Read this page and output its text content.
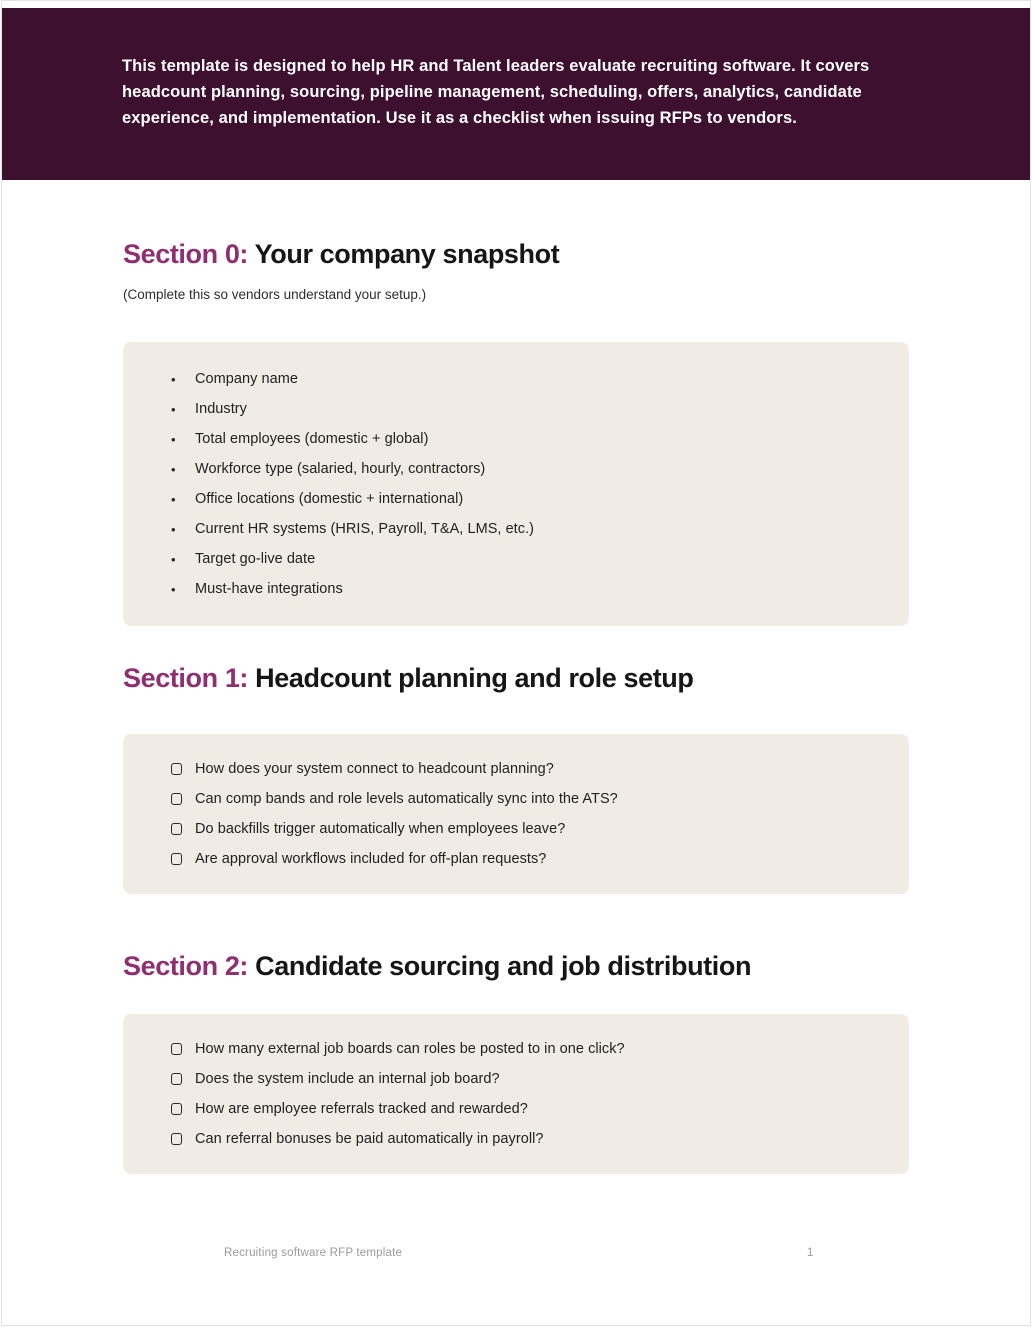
This template is designed to help HR and Talent leaders evaluate recruiting software. It covers headcount planning, sourcing, pipeline management, scheduling, offers, analytics, candidate experience, and implementation. Use it as a checklist when issuing RFPs to vendors.

Section 0: Your company snapshot

(Complete this so vendors understand your setup.)

•	Company name
•	Industry
•	Total employees (domestic + global)
•	Workforce type (salaried, hourly, contractors)
•	Office locations (domestic + international)
•	Current HR systems (HRIS, Payroll, T&A, LMS, etc.)
•	Target go-live date
•	Must-have integrations
Section 1: Headcount planning and role setup
How does your system connect to headcount planning?
Can comp bands and role levels automatically sync into the ATS?
Do backfills trigger automatically when employees leave?
Are approval workflows included for off-plan requests?
Section 2: Candidate sourcing and job distribution
How many external job boards can roles be posted to in one click?
Does the system include an internal job board?
How are employee referrals tracked and rewarded?
Can referral bonuses be paid automatically in payroll?
Recruiting software RFP template	1
